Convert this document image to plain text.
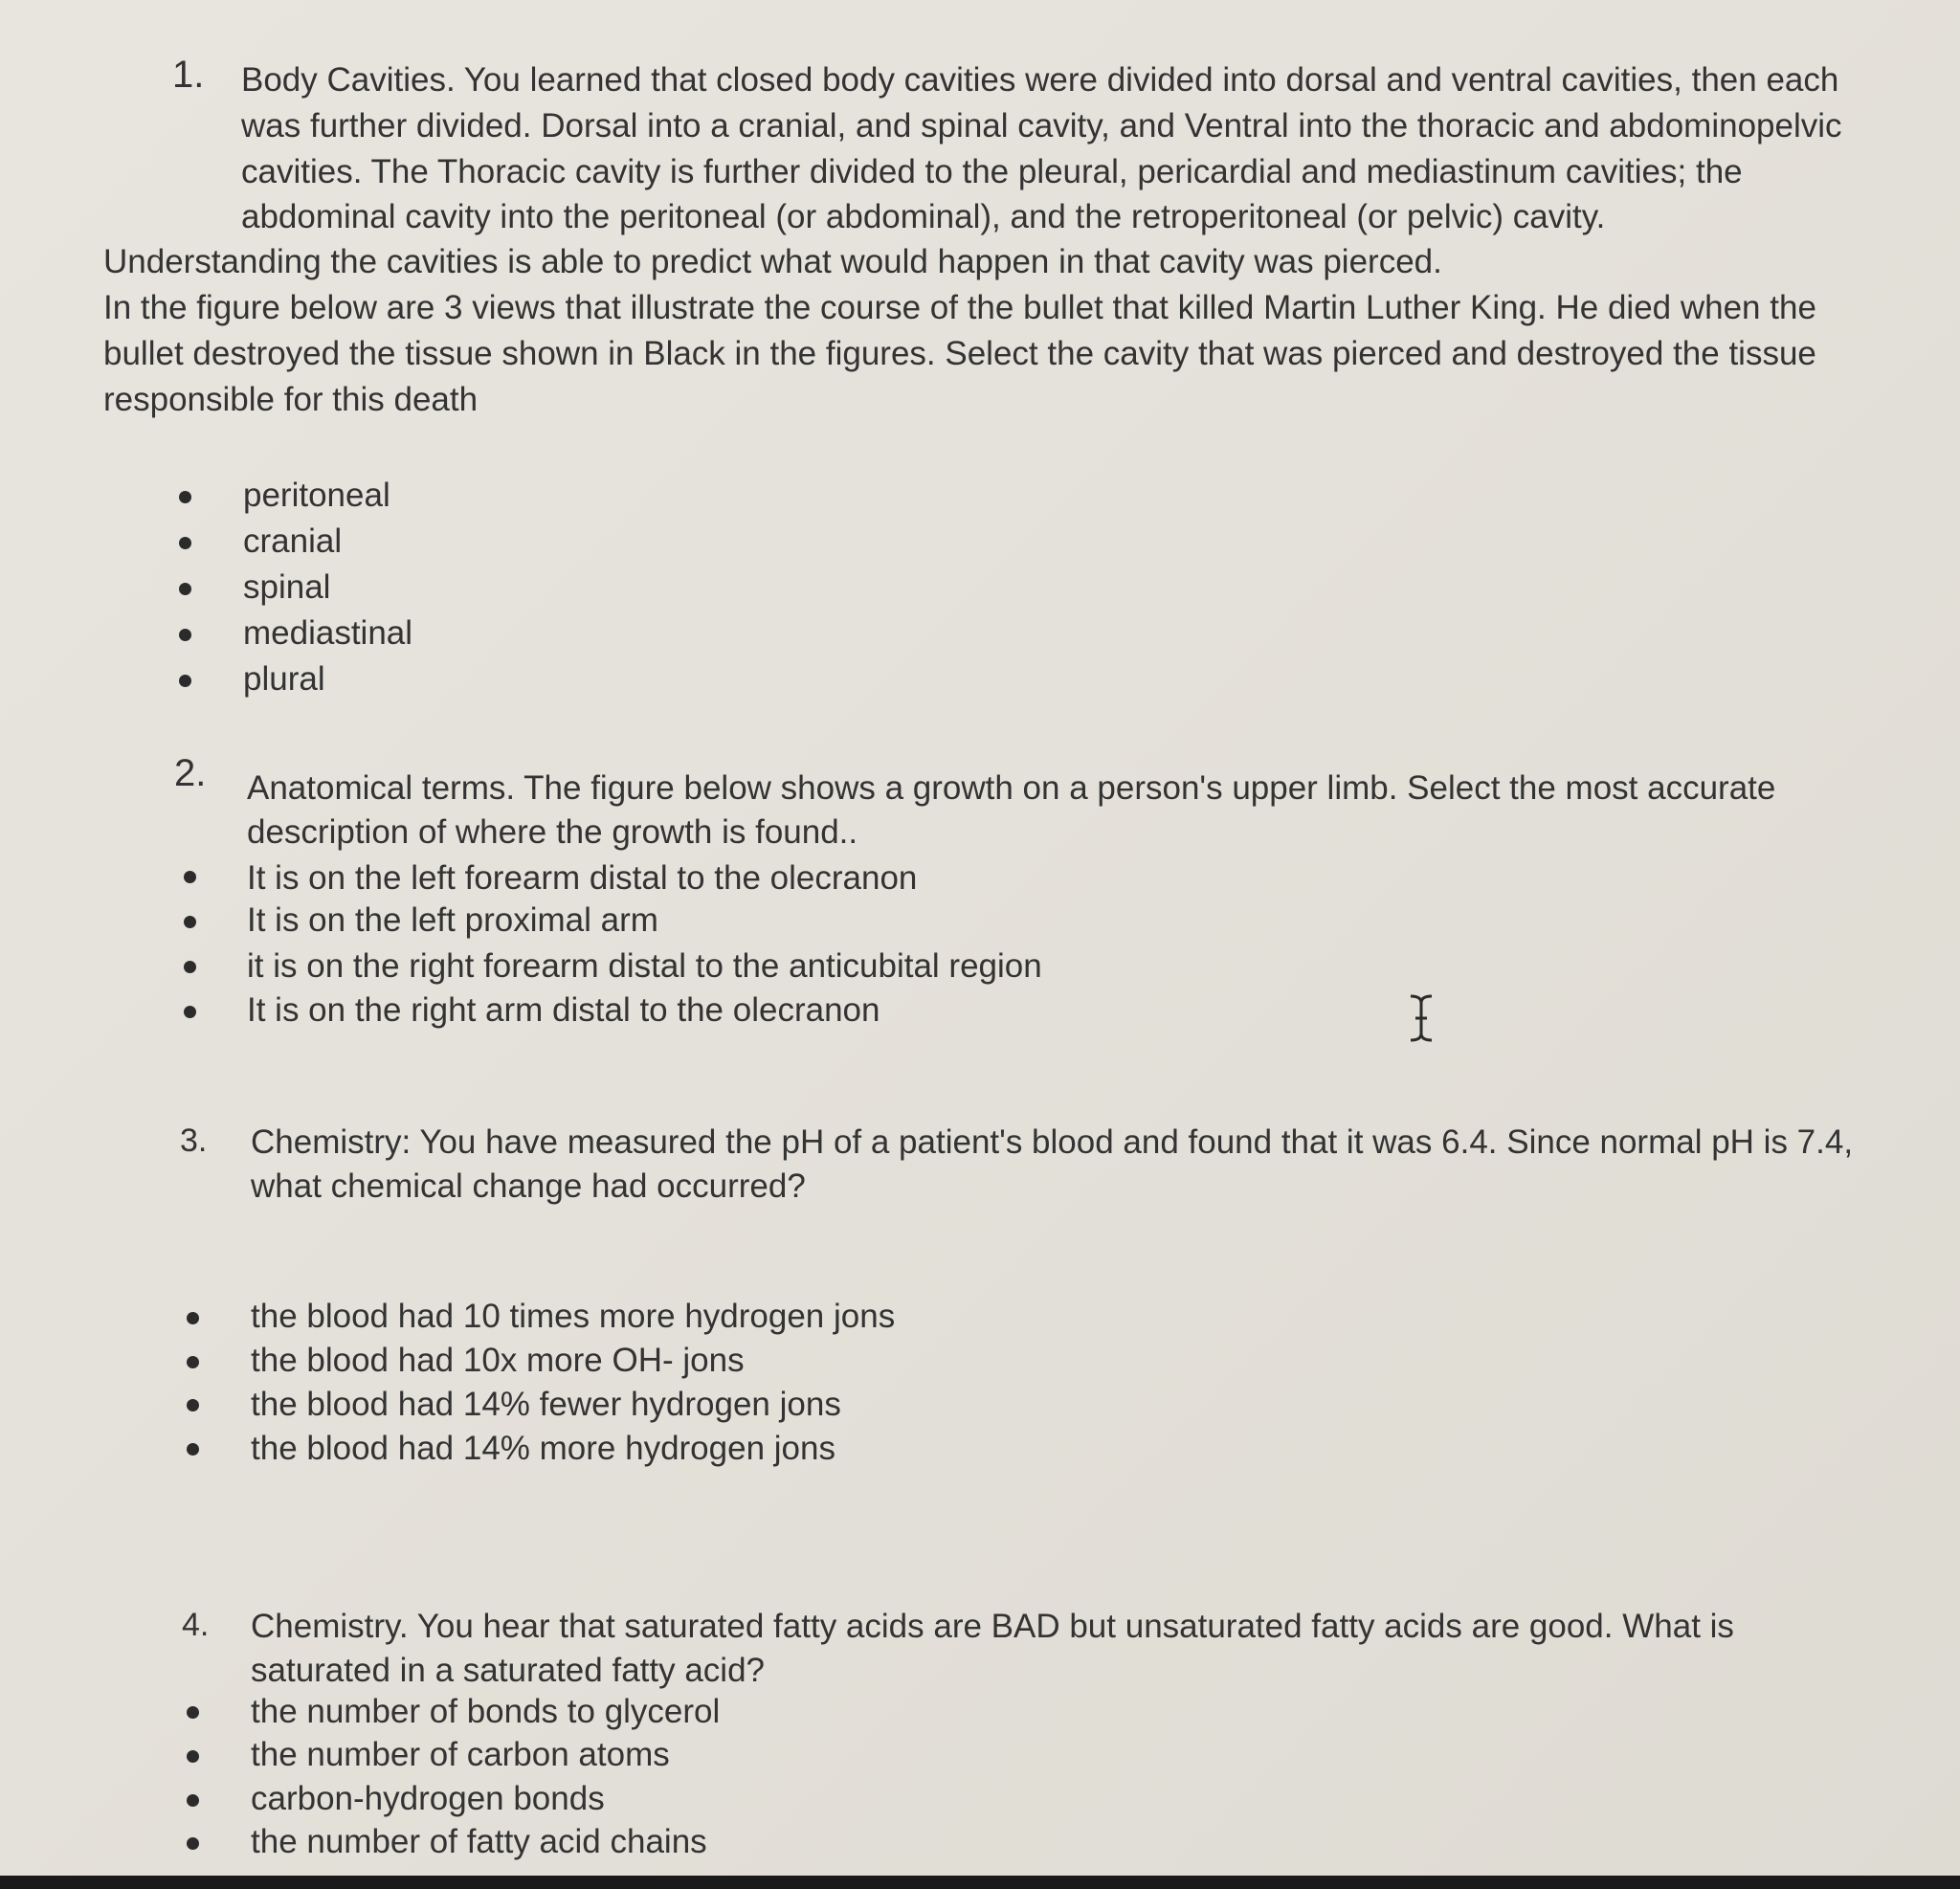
1. Body Cavities. You learned that closed body cavities were divided into dorsal and ventral cavities, then each
was further divided. Dorsal into a cranial, and spinal cavity, and Ventral into the thoracic and abdominopelvic
cavities. The Thoracic cavity is further divided to the pleural, pericardial and mediastinum cavities; the
abdominal cavity into the peritoneal (or abdominal), and the retroperitoneal (or pelvic) cavity.
Understanding the cavities is able to predict what would happen in that cavity was pierced.
In the figure below are 3 views that illustrate the course of the bullet that killed Martin Luther King. He died when the
bullet destroyed the tissue shown in Black in the figures. Select the cavity that was pierced and destroyed the tissue
responsible for this death
peritoneal
cranial
spinal
mediastinal
plural
2. Anatomical terms. The figure below shows a growth on a person's upper limb. Select the most accurate
description of where the growth is found..
It is on the left forearm distal to the olecranon
It is on the left proximal arm
it is on the right forearm distal to the anticubital region
It is on the right arm distal to the olecranon
3. Chemistry: You have measured the pH of a patient's blood and found that it was 6.4. Since normal pH is 7.4,
what chemical change had occurred?
the blood had 10 times more hydrogen jons
the blood had 10x more OH- jons
the blood had 14% fewer hydrogen jons
the blood had 14% more hydrogen jons
4. Chemistry. You hear that saturated fatty acids are BAD but unsaturated fatty acids are good. What is
saturated in a saturated fatty acid?
the number of bonds to glycerol
the number of carbon atoms
carbon-hydrogen bonds
the number of fatty acid chains
